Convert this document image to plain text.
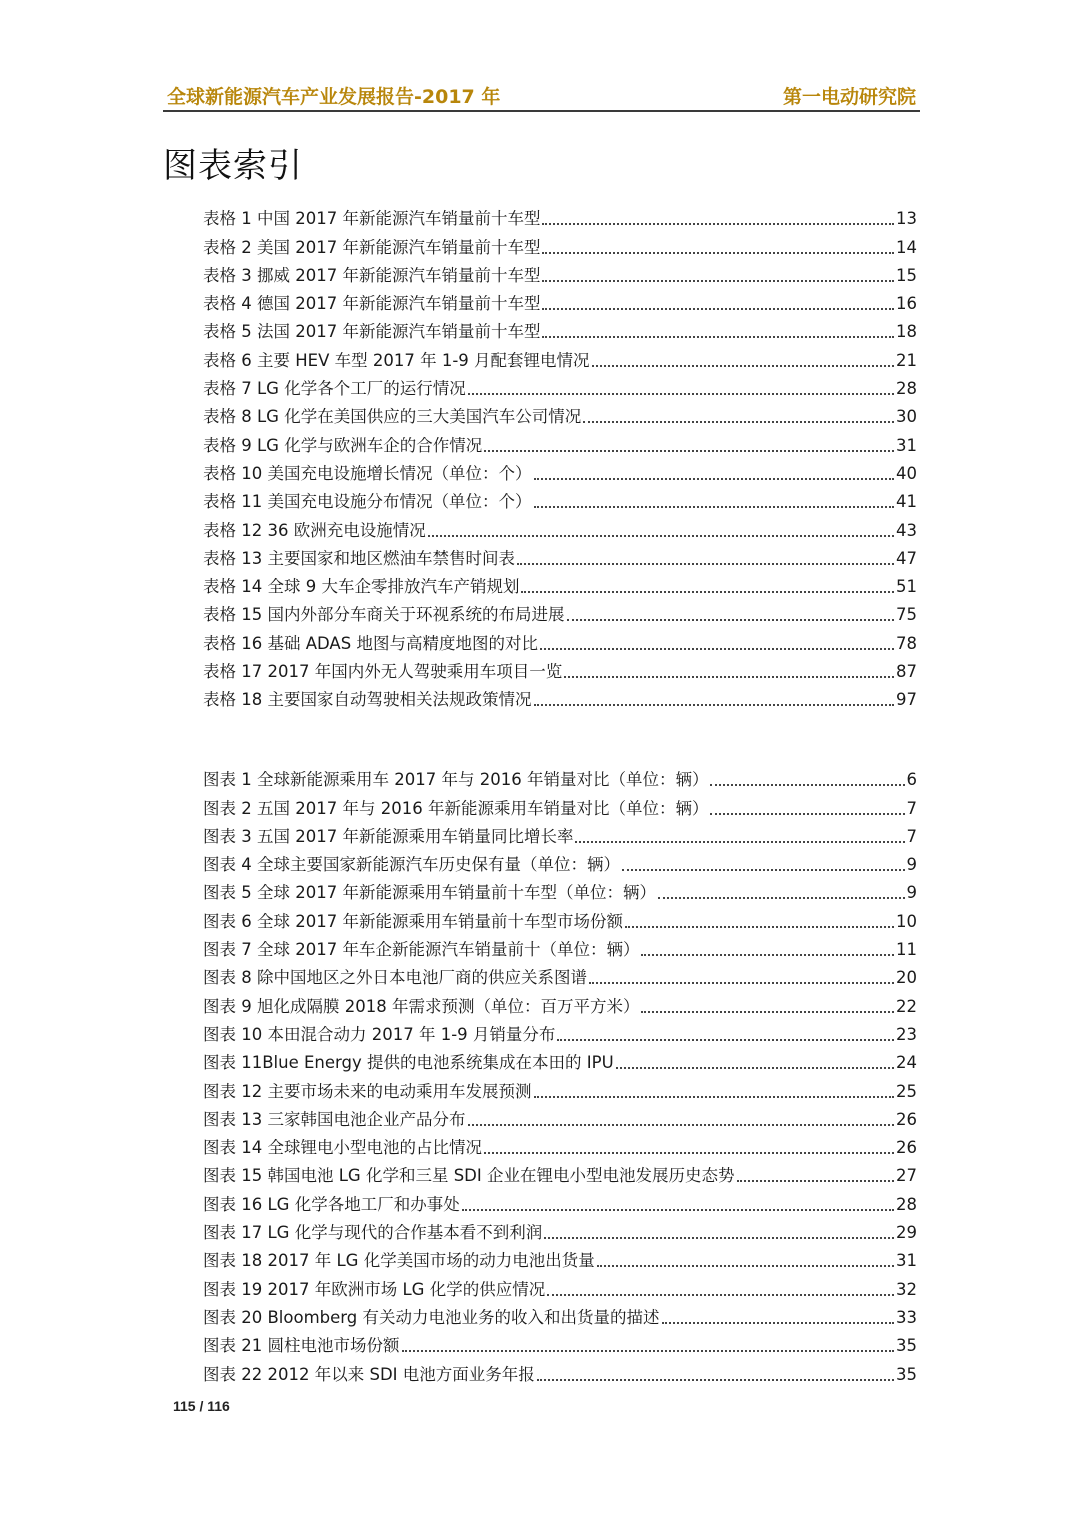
全球新能源汽车产业发展报告-2017 年	第一电动研究院
图表索引
表格 1 中国 2017 年新能源汽车销量前十车型	13
表格 2 美国 2017 年新能源汽车销量前十车型	14
表格 3 挪威 2017 年新能源汽车销量前十车型	15
表格 4 德国 2017 年新能源汽车销量前十车型	16
表格 5 法国 2017 年新能源汽车销量前十车型	18
表格 6 主要 HEV 车型 2017 年 1-9 月配套锂电情况	21
表格 7 LG 化学各个工厂的运行情况	28
表格 8 LG 化学在美国供应的三大美国汽车公司情况	30
表格 9 LG 化学与欧洲车企的合作情况	31
表格 10 美国充电设施增长情况（单位：个）	40
表格 11 美国充电设施分布情况（单位：个）	41
表格 12 36 欧洲充电设施情况	43
表格 13 主要国家和地区燃油车禁售时间表	47
表格 14 全球 9 大车企零排放汽车产销规划	51
表格 15 国内外部分车商关于环视系统的布局进展	75
表格 16 基础 ADAS 地图与高精度地图的对比	78
表格 17 2017 年国内外无人驾驶乘用车项目一览	87
表格 18 主要国家自动驾驶相关法规政策情况	97
图表 1 全球新能源乘用车 2017 年与 2016 年销量对比（单位：辆）	6
图表 2 五国 2017 年与 2016 年新能源乘用车销量对比（单位：辆）	7
图表 3 五国 2017 年新能源乘用车销量同比增长率	7
图表 4 全球主要国家新能源汽车历史保有量（单位：辆）	9
图表 5 全球 2017 年新能源乘用车销量前十车型（单位：辆）	9
图表 6 全球 2017 年新能源乘用车销量前十车型市场份额	10
图表 7 全球 2017 年车企新能源汽车销量前十（单位：辆）	11
图表 8 除中国地区之外日本电池厂商的供应关系图谱	20
图表 9 旭化成隔膜 2018 年需求预测（单位：百万平方米）	22
图表 10 本田混合动力 2017 年 1-9 月销量分布	23
图表 11Blue Energy 提供的电池系统集成在本田的 IPU	24
图表 12 主要市场未来的电动乘用车发展预测	25
图表 13 三家韩国电池企业产品分布	26
图表 14 全球锂电小型电池的占比情况	26
图表 15 韩国电池 LG 化学和三星 SDI 企业在锂电小型电池发展历史态势	27
图表 16 LG 化学各地工厂和办事处	28
图表 17 LG 化学与现代的合作基本看不到利润	29
图表 18 2017 年 LG 化学美国市场的动力电池出货量	31
图表 19 2017 年欧洲市场 LG 化学的供应情况	32
图表 20 Bloomberg 有关动力电池业务的收入和出货量的描述	33
图表 21 圆柱电池市场份额	35
图表 22 2012 年以来 SDI 电池方面业务年报	35
115 / 116
